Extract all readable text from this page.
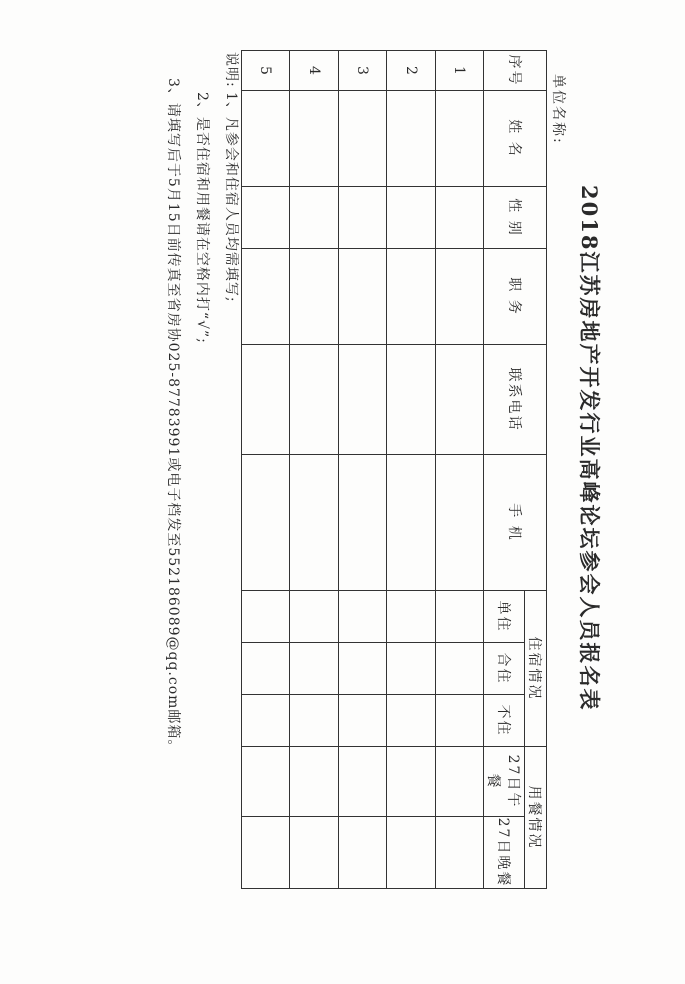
2018江苏房地产开发行业高峰论坛参会人员报名表
单位名称:
序号	姓 名	性 别	职 务	联系电话	手 机	住宿情况			用餐情况	
						单住	合住	不住	27日午餐	27日晚餐
1										
2										
3										
4										
5										
说明:1、凡参会和住宿人员均需填写;
2、是否住宿和用餐请在空格内打“√”;
3、请填写后于5月15日前传真至省房协025-87783991或电子档发至552186089@qq.com邮箱。
